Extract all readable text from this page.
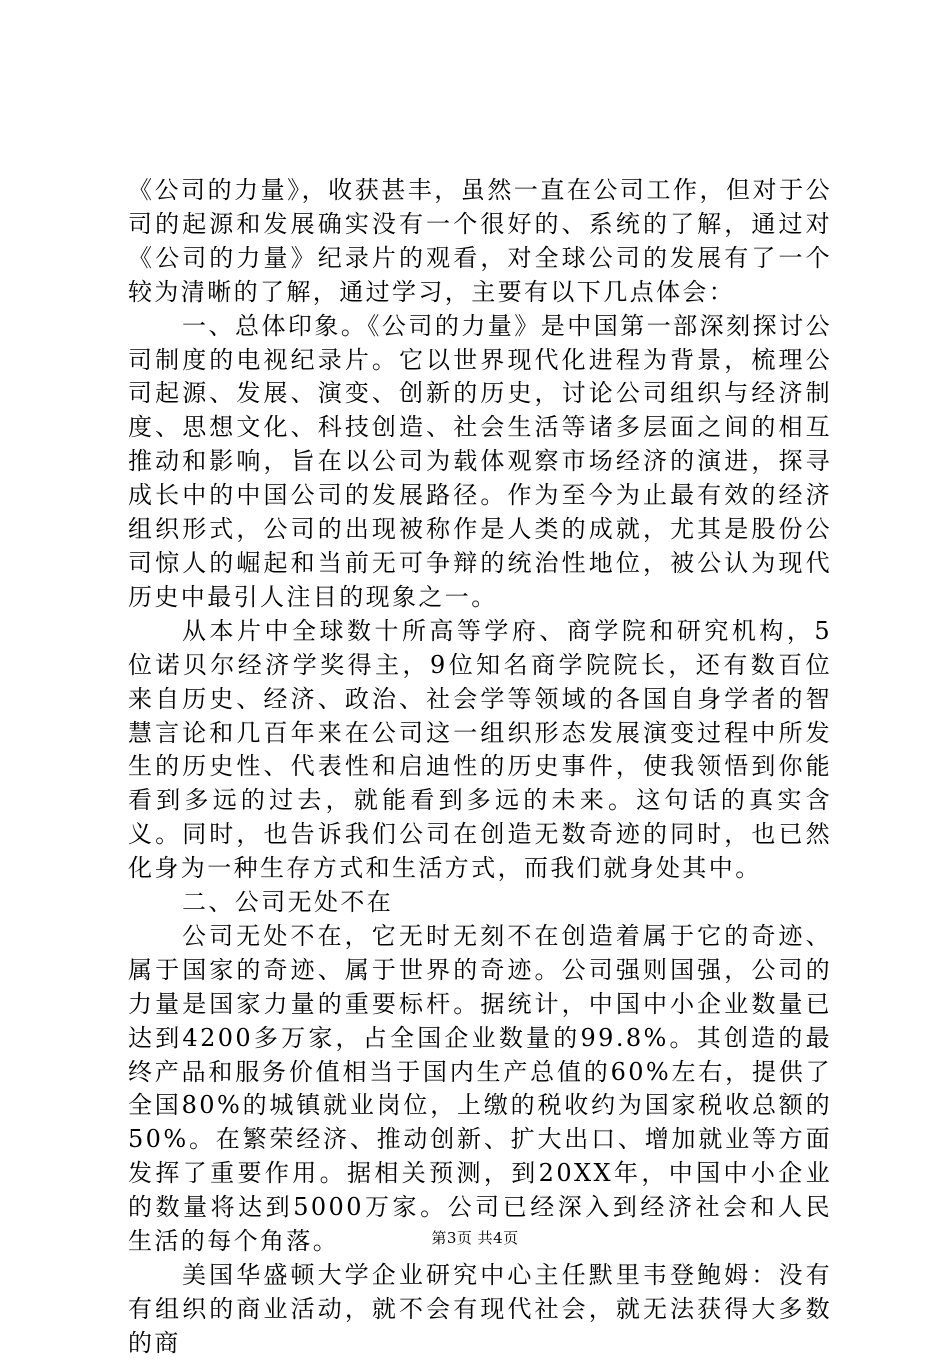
《公司的力量》，收获甚丰，虽然一直在公司工作，但对于公司的起源和发展确实没有一个很好的、系统的了解，通过对《公司的力量》纪录片的观看，对全球公司的发展有了一个较为清晰的了解，通过学习，主要有以下几点体会：

一、总体印象。《公司的力量》是中国第一部深刻探讨公司制度的电视纪录片。它以世界现代化进程为背景，梳理公司起源、发展、演变、创新的历史，讨论公司组织与经济制度、思想文化、科技创造、社会生活等诸多层面之间的相互推动和影响，旨在以公司为载体观察市场经济的演进，探寻成长中的中国公司的发展路径。作为至今为止最有效的经济组织形式，公司的出现被称作是人类的成就，尤其是股份公司惊人的崛起和当前无可争辩的统治性地位，被公认为现代历史中最引人注目的现象之一。

从本片中全球数十所高等学府、商学院和研究机构，5位诺贝尔经济学奖得主，9位知名商学院院长，还有数百位来自历史、经济、政治、社会学等领域的各国自身学者的智慧言论和几百年来在公司这一组织形态发展演变过程中所发生的历史性、代表性和启迪性的历史事件，使我领悟到你能看到多远的过去，就能看到多远的未来。这句话的真实含义。同时，也告诉我们公司在创造无数奇迹的同时，也已然化身为一种生存方式和生活方式，而我们就身处其中。

二、公司无处不在

公司无处不在，它无时无刻不在创造着属于它的奇迹、属于国家的奇迹、属于世界的奇迹。公司强则国强，公司的力量是国家力量的重要标杆。据统计，中国中小企业数量已达到4200多万家，占全国企业数量的99.8%。其创造的最终产品和服务价值相当于国内生产总值的60%左右，提供了全国80%的城镇就业岗位，上缴的税收约为国家税收总额的50%。在繁荣经济、推动创新、扩大出口、增加就业等方面发挥了重要作用。据相关预测，到20XX年，中国中小企业的数量将达到5000万家。公司已经深入到经济社会和人民生活的每个角落。

美国华盛顿大学企业研究中心主任默里韦登鲍姆：没有有组织的商业活动，就不会有现代社会，就无法获得大多数的商

第3页 共4页
